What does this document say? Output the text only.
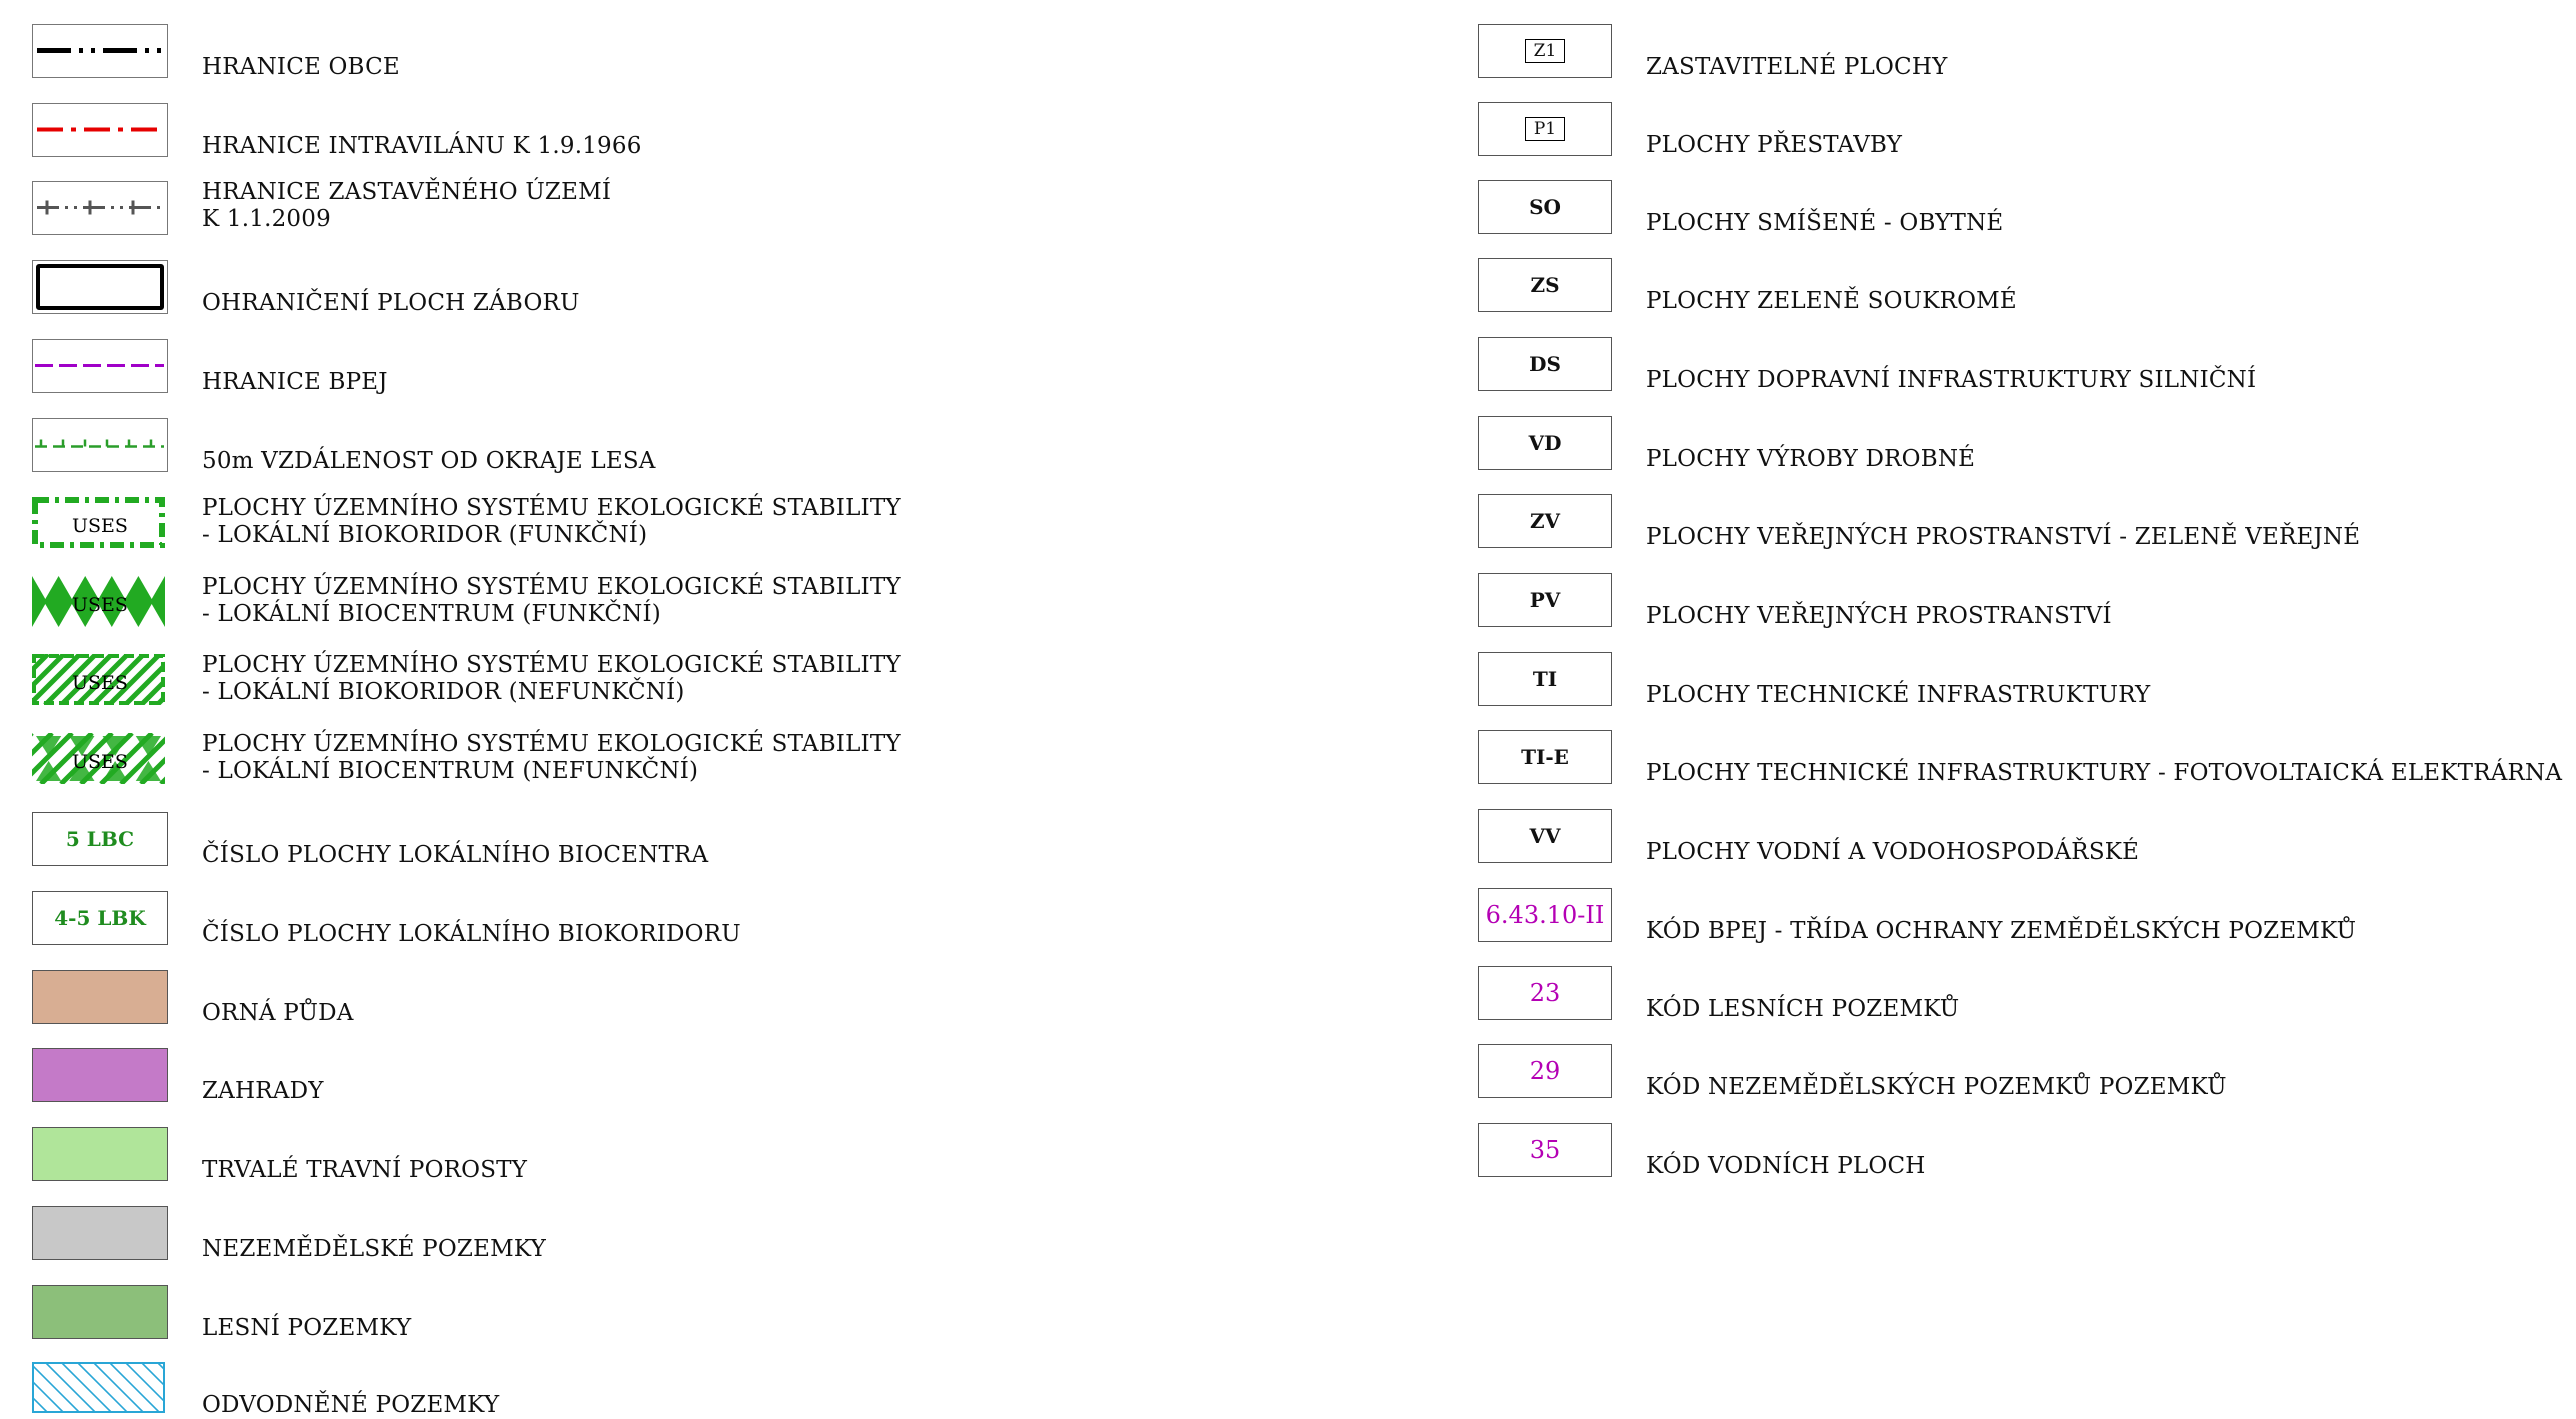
HRANICE OBCE
HRANICE INTRAVILÁNU K 1.9.1966
HRANICE ZASTAVĚNÉHO ÚZEMÍ
K 1.1.2009
OHRANIČENÍ PLOCH ZÁBORU
HRANICE BPEJ
50m VZDÁLENOST OD OKRAJE LESA
USES
PLOCHY ÚZEMNÍHO SYSTÉMU EKOLOGICKÉ STABILITY
- LOKÁLNÍ BIOKORIDOR (FUNKČNÍ)
USES
PLOCHY ÚZEMNÍHO SYSTÉMU EKOLOGICKÉ STABILITY
- LOKÁLNÍ BIOCENTRUM (FUNKČNÍ)
USES
PLOCHY ÚZEMNÍHO SYSTÉMU EKOLOGICKÉ STABILITY
- LOKÁLNÍ BIOKORIDOR (NEFUNKČNÍ)
USES
PLOCHY ÚZEMNÍHO SYSTÉMU EKOLOGICKÉ STABILITY
- LOKÁLNÍ BIOCENTRUM (NEFUNKČNÍ)
5 LBC
ČÍSLO PLOCHY LOKÁLNÍHO BIOCENTRA
4-5 LBK
ČÍSLO PLOCHY LOKÁLNÍHO BIOKORIDORU
ORNÁ PŮDA
ZAHRADY
TRVALÉ TRAVNÍ POROSTY
NEZEMĚDĚLSKÉ POZEMKY
LESNÍ POZEMKY
ODVODNĚNÉ POZEMKY
Z1
ZASTAVITELNÉ PLOCHY
P1
PLOCHY PŘESTAVBY
SO
PLOCHY SMÍŠENÉ - OBYTNÉ
ZS
PLOCHY ZELENĚ SOUKROMÉ
DS
PLOCHY DOPRAVNÍ INFRASTRUKTURY SILNIČNÍ
VD
PLOCHY VÝROBY DROBNÉ
ZV
PLOCHY VEŘEJNÝCH PROSTRANSTVÍ - ZELENĚ VEŘEJNÉ
PV
PLOCHY VEŘEJNÝCH PROSTRANSTVÍ
TI
PLOCHY TECHNICKÉ INFRASTRUKTURY
TI-E
PLOCHY TECHNICKÉ INFRASTRUKTURY - FOTOVOLTAICKÁ ELEKTRÁRNA
VV
PLOCHY VODNÍ A VODOHOSPODÁŘSKÉ
6.43.10-II
KÓD BPEJ - TŘÍDA OCHRANY ZEMĚDĚLSKÝCH POZEMKŮ
23
KÓD LESNÍCH POZEMKŮ
29
KÓD NEZEMĚDĚLSKÝCH POZEMKŮ POZEMKŮ
35
KÓD VODNÍCH PLOCH
